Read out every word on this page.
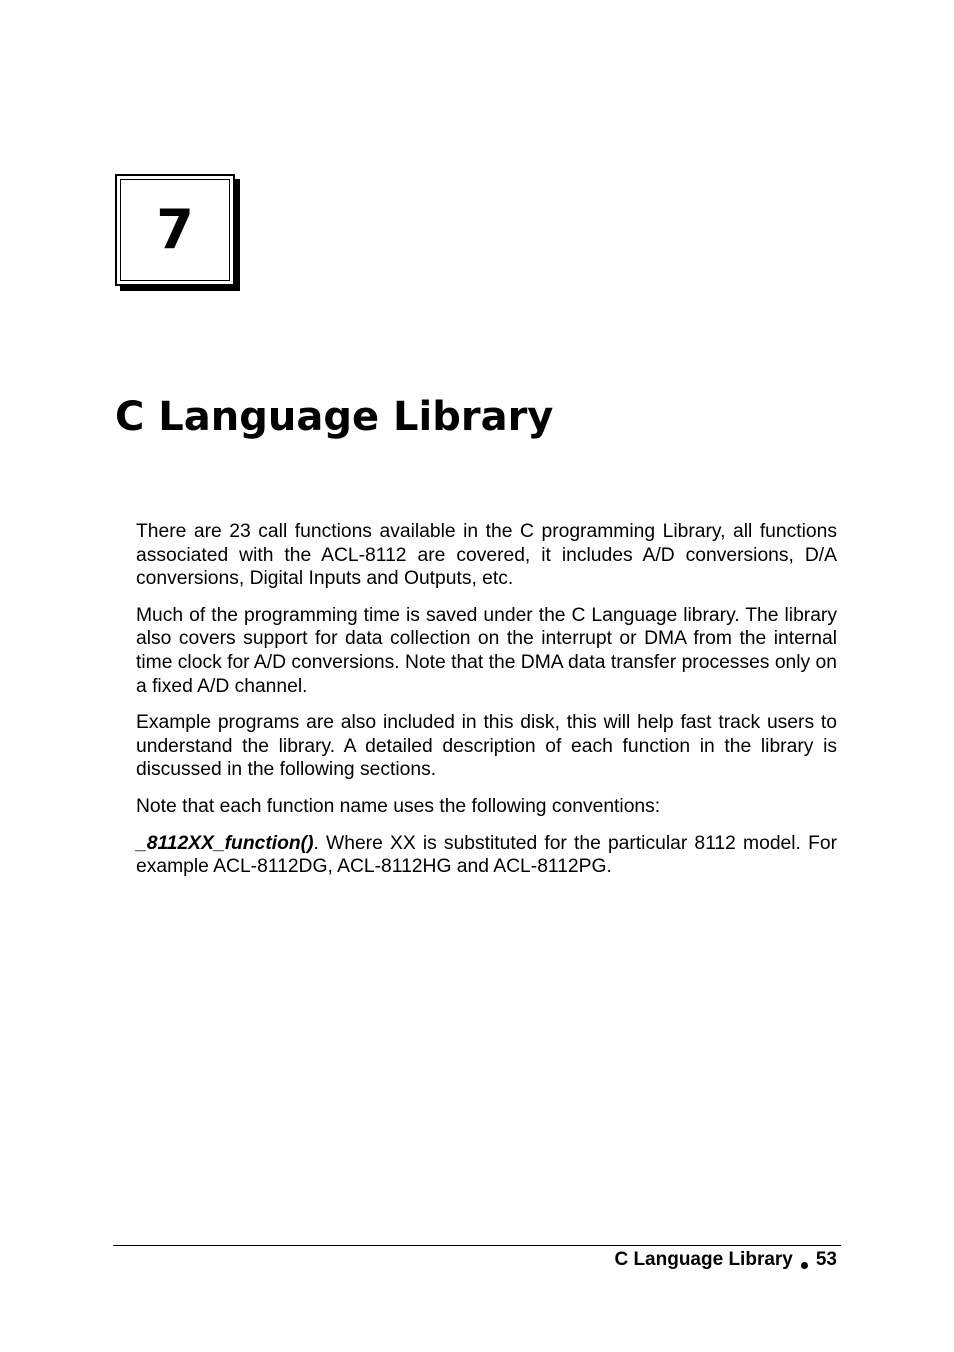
7
C Language Library

There are 23 call functions available in the C programming Library, all functions associated with the ACL-8112 are covered, it includes A/D conversions, D/A conversions, Digital Inputs and Outputs, etc.

Much of the programming time is saved under the C Language library. The library also covers support for data collection on the interrupt or DMA from the internal time clock for A/D conversions. Note that the DMA data transfer processes only on a fixed A/D channel.

Example programs are also included in this disk, this will help fast track users to understand the library. A detailed description of each function in the library is discussed in the following sections.

Note that each function name uses the following conventions:

_8112XX_function(). Where XX is substituted for the particular 8112 model. For example ACL-8112DG, ACL-8112HG and ACL-8112PG.

C Language Library 53
